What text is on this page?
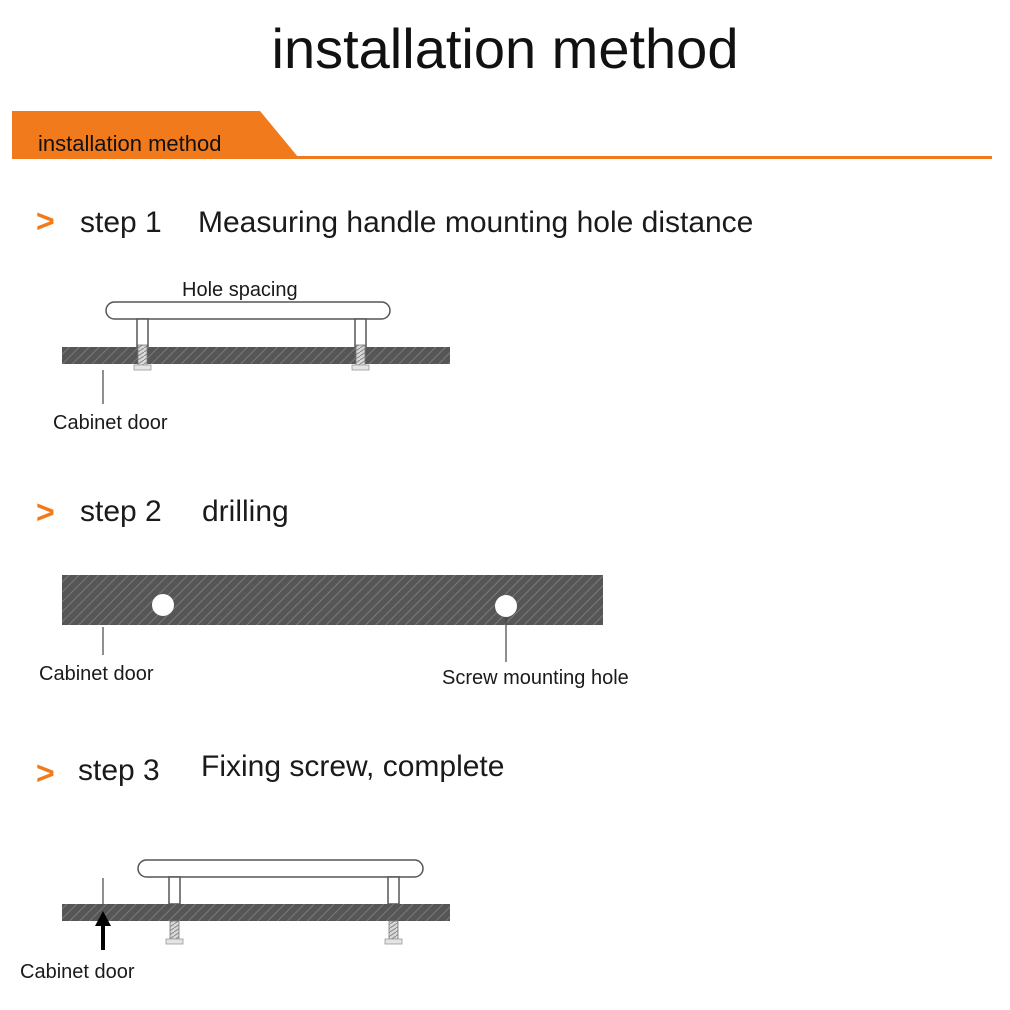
installation method
installation method
> step 1 Measuring handle mounting hole distance
Hole spacing
Cabinet door
> step 2 drilling
Cabinet door	Screw mounting hole
> step 3 Fixing screw, complete
Cabinet door
